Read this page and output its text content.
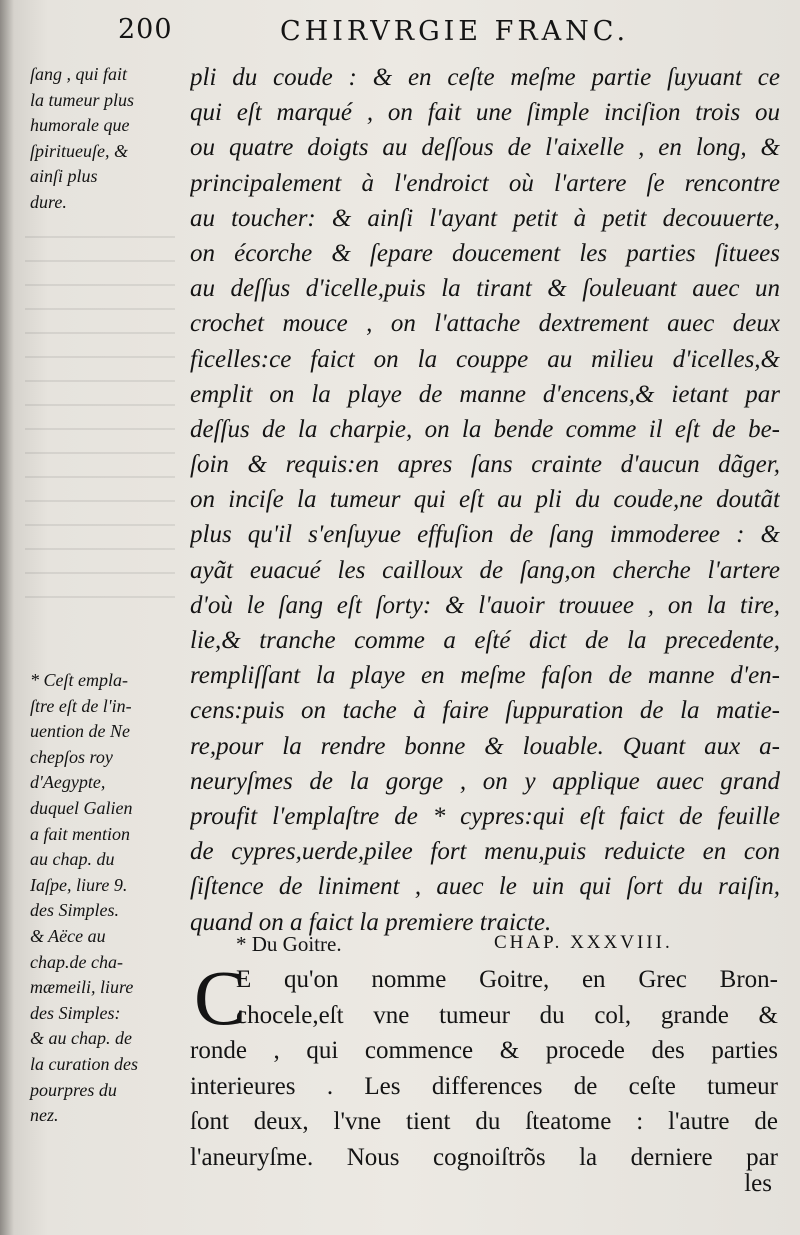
200	CHIRVRGIE FRANC.
ſang , qui fait
la tumeur plus
humorale que
ſpiritueuſe, &
ainſi plus
dure.
pli du coude : & en ceſte meſme partie ſuyuant ce
qui eſt marqué , on fait une ſimple inciſion trois ou
ou quatre doigts au deſſous de l'aixelle , en long, &
principalement à l'endroict où l'artere ſe rencontre
au toucher: & ainſi l'ayant petit à petit decouuerte,
on écorche & ſepare doucement les parties ſituees
au deſſus d'icelle,puis la tirant & ſouleuant auec un
crochet mouce , on l'attache dextrement auec deux
ficelles:ce faict on la couppe au milieu d'icelles,&
emplit on la playe de manne d'encens,& ietant par
deſſus de la charpie, on la bende comme il eſt de be-
ſoin & requis:en apres ſans crainte d'aucun dãger,
on inciſe la tumeur qui eſt au pli du coude,ne doutãt
plus qu'il s'enſuyue effuſion de ſang immoderee : &
ayãt euacué les cailloux de ſang,on cherche l'artere
d'où le ſang eſt ſorty: & l'auoir trouuee , on la tire,
lie,& tranche comme a eſté dict de la precedente,
rempliſſant la playe en meſme faſon de manne d'en-
cens:puis on tache à faire ſuppuration de la matie-
re,pour la rendre bonne & louable. Quant aux a-
neuryſmes de la gorge , on y applique auec grand
proufit l'emplaſtre de * cypres:qui eſt faict de feuille
de cypres,uerde,pilee fort menu,puis reduicte en con
ſiſtence de liniment , auec le uin qui ſort du raiſin,
quand on a faict la premiere traicte.
* Ceſt empla-
ſtre eſt de l'in-
uention de Ne
chepſos roy
d'Aegypte,
duquel Galien
a fait mention
au chap. du
Iaſpe, liure 9.
des Simples.
& Aëce au
chap.de cha-
mæmeili, liure
des Simples:
& au chap. de
la curation des
pourpres du
nez.
* Du Goitre.	CHAP. XXXVIII.
C
E qu'on nomme Goitre, en Grec Bron-
chocele,eſt vne tumeur du col, grande &
ronde , qui commence & procede des parties
interieures . Les differences de ceſte tumeur
ſont deux, l'vne tient du ſteatome : l'autre de
l'aneuryſme. Nous cognoiſtrõs la derniere par
les
